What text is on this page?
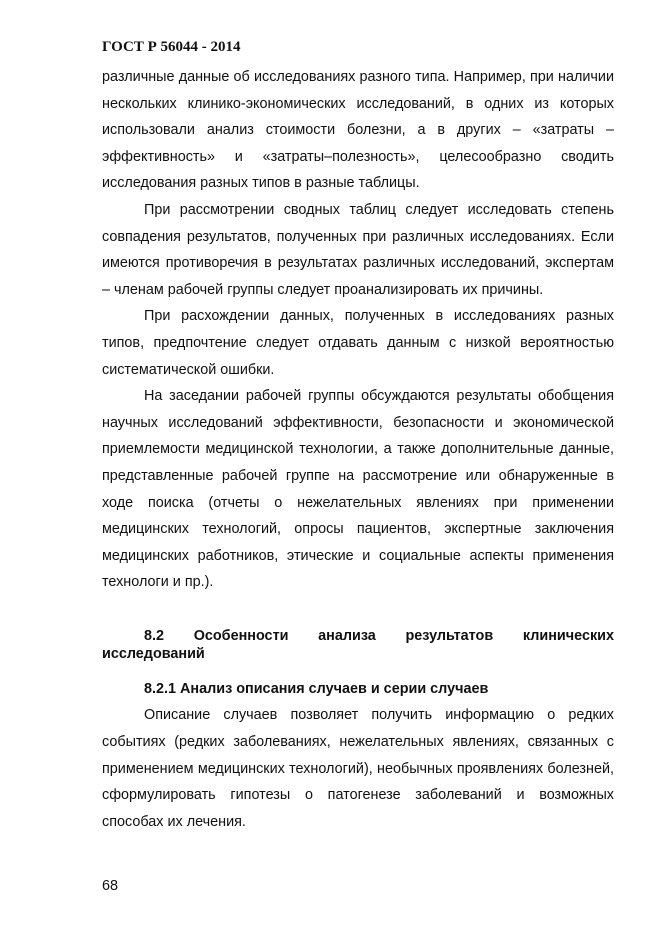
ГОСТ Р 56044 - 2014

различные данные об исследованиях разного типа. Например, при наличии нескольких клинико-экономических исследований, в одних из которых использовали анализ стоимости болезни, а в других – «затраты – эффективность» и «затраты–полезность», целесообразно сводить исследования разных типов в разные таблицы.

При рассмотрении сводных таблиц следует исследовать степень совпадения результатов, полученных при различных исследованиях. Если имеются противоречия в результатах различных исследований, экспертам – членам рабочей группы следует проанализировать их причины.

При расхождении данных, полученных в исследованиях разных типов, предпочтение следует отдавать данным с низкой вероятностью систематической ошибки.

На заседании рабочей группы обсуждаются результаты обобщения научных исследований эффективности, безопасности и экономической приемлемости медицинской технологии, а также дополнительные данные, представленные рабочей группе на рассмотрение или обнаруженные в ходе поиска (отчеты о нежелательных явлениях при применении медицинских технологий, опросы пациентов, экспертные заключения медицинских работников, этические и социальные аспекты применения технологи и пр.).

8.2 Особенности анализа результатов клинических исследований

8.2.1 Анализ описания случаев и серии случаев

Описание случаев позволяет получить информацию о редких событиях (редких заболеваниях, нежелательных явлениях, связанных с применением медицинских технологий), необычных проявлениях болезней, сформулировать гипотезы о патогенезе заболеваний и возможных способах их лечения.

68
